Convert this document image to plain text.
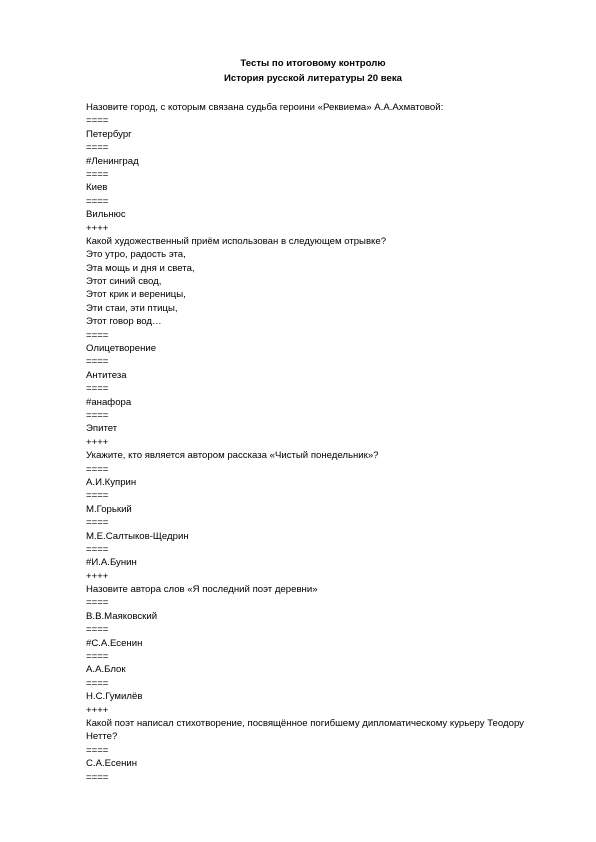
Тесты по итоговому контролю
История русской литературы 20 века
Назовите город, с которым связана судьба героини «Реквиема» А.А.Ахматовой:
====
Петербург
====
#Ленинград
====
Киев
====
Вильнюс
++++
Какой художественный приём использован в следующем отрывке?
Это утро, радость эта,
Эта мощь и дня и света,
Этот синий свод,
Этот крик и вереницы,
Эти стаи, эти птицы,
Этот говор вод…
====
Олицетворение
====
Антитеза
====
#анафора
====
Эпитет
++++
Укажите, кто является автором рассказа «Чистый понедельник»?
====
А.И.Куприн
====
М.Горький
====
М.Е.Салтыков-Щедрин
====
#И.А.Бунин
++++
Назовите автора слов «Я последний поэт деревни»
====
В.В.Маяковский
====
#С.А.Есенин
====
А.А.Блок
====
Н.С.Гумилёв
++++
Какой поэт написал стихотворение, посвящённое погибшему дипломатическому курьеру Теодору Нетте?
====
С.А.Есенин
====
